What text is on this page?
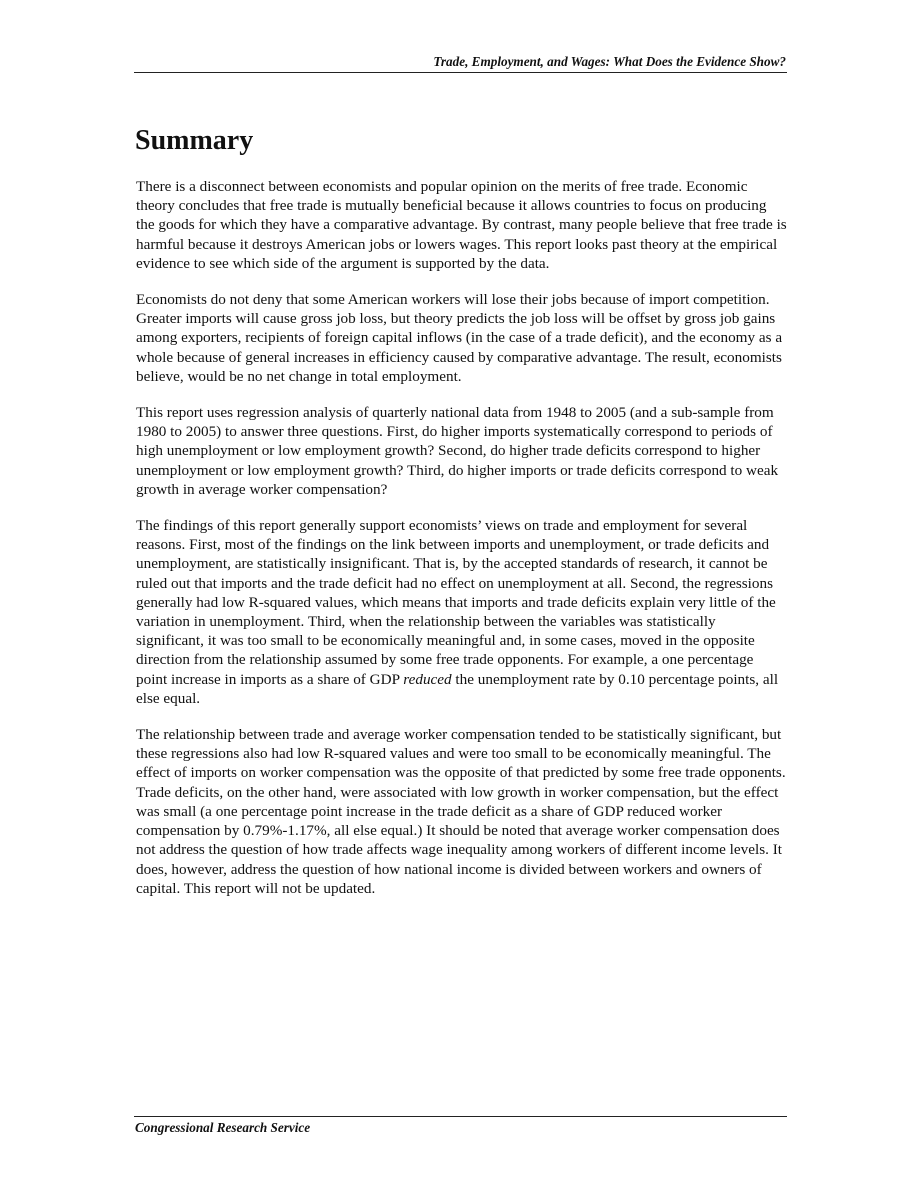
Trade, Employment, and Wages: What Does the Evidence Show?
Summary

There is a disconnect between economists and popular opinion on the merits of free trade. Economic theory concludes that free trade is mutually beneficial because it allows countries to focus on producing the goods for which they have a comparative advantage. By contrast, many people believe that free trade is harmful because it destroys American jobs or lowers wages. This report looks past theory at the empirical evidence to see which side of the argument is supported by the data.

Economists do not deny that some American workers will lose their jobs because of import competition. Greater imports will cause gross job loss, but theory predicts the job loss will be offset by gross job gains among exporters, recipients of foreign capital inflows (in the case of a trade deficit), and the economy as a whole because of general increases in efficiency caused by comparative advantage. The result, economists believe, would be no net change in total employment.

This report uses regression analysis of quarterly national data from 1948 to 2005 (and a sub-sample from 1980 to 2005) to answer three questions. First, do higher imports systematically correspond to periods of high unemployment or low employment growth? Second, do higher trade deficits correspond to higher unemployment or low employment growth? Third, do higher imports or trade deficits correspond to weak growth in average worker compensation?

The findings of this report generally support economists’ views on trade and employment for several reasons. First, most of the findings on the link between imports and unemployment, or trade deficits and unemployment, are statistically insignificant. That is, by the accepted standards of research, it cannot be ruled out that imports and the trade deficit had no effect on unemployment at all. Second, the regressions generally had low R-squared values, which means that imports and trade deficits explain very little of the variation in unemployment. Third, when the relationship between the variables was statistically significant, it was too small to be economically meaningful and, in some cases, moved in the opposite direction from the relationship assumed by some free trade opponents. For example, a one percentage point increase in imports as a share of GDP reduced the unemployment rate by 0.10 percentage points, all else equal.

The relationship between trade and average worker compensation tended to be statistically significant, but these regressions also had low R-squared values and were too small to be economically meaningful. The effect of imports on worker compensation was the opposite of that predicted by some free trade opponents. Trade deficits, on the other hand, were associated with low growth in worker compensation, but the effect was small (a one percentage point increase in the trade deficit as a share of GDP reduced worker compensation by 0.79%-1.17%, all else equal.) It should be noted that average worker compensation does not address the question of how trade affects wage inequality among workers of different income levels. It does, however, address the question of how national income is divided between workers and owners of capital. This report will not be updated.

Congressional Research Service
